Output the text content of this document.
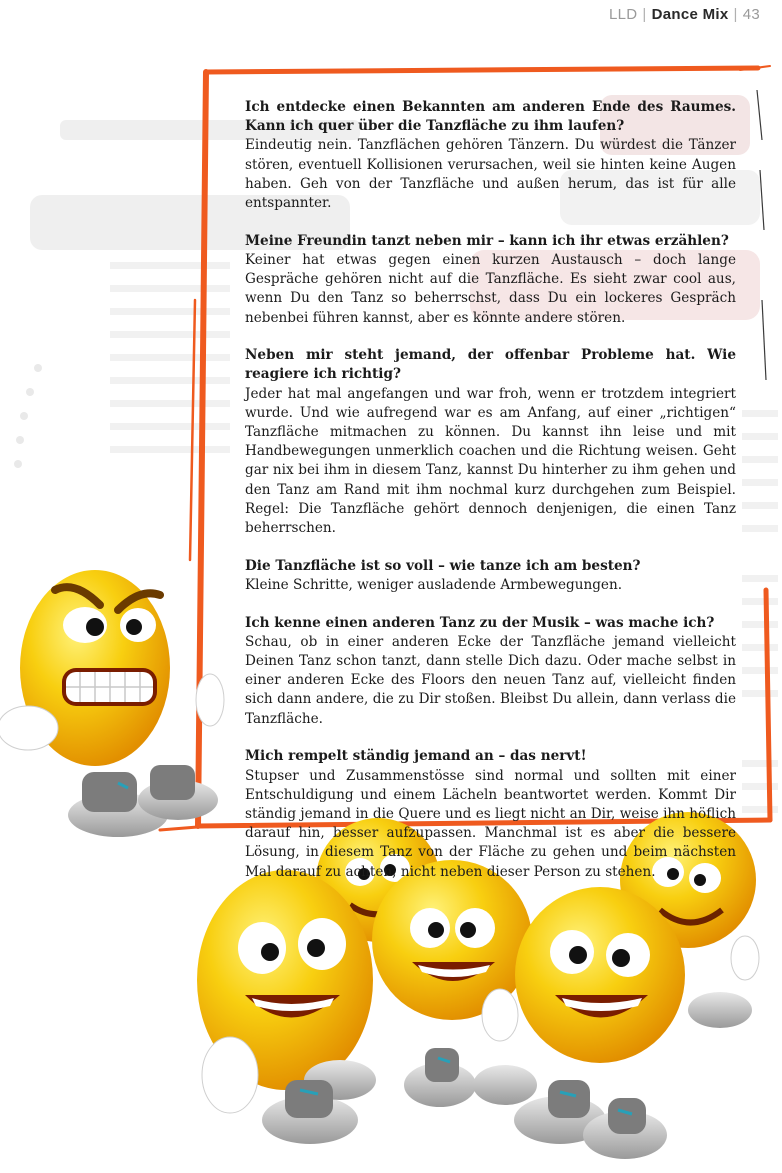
LLD | Dance Mix | 43

Ich entdecke einen Bekannten am anderen Ende des Raumes. Kann ich quer über die Tanzfläche zu ihm laufen?

Eindeutig nein. Tanzflächen gehören Tänzern. Du würdest die Tänzer stören, eventuell Kollisionen verursachen, weil sie hinten keine Augen haben. Geh von der Tanzfläche und außen herum, das ist für alle entspannter.

Meine Freundin tanzt neben mir – kann ich ihr etwas erzählen?

Keiner hat etwas gegen einen kurzen Austausch – doch lange Gespräche gehören nicht auf die Tanzfläche. Es sieht zwar cool aus, wenn Du den Tanz so beherrschst, dass Du ein lockeres Gespräch nebenbei führen kannst, aber es könnte andere stören.

Neben mir steht jemand, der offenbar Probleme hat. Wie reagiere ich richtig?

Jeder hat mal angefangen und war froh, wenn er trotzdem integriert wurde. Und wie aufregend war es am Anfang, auf einer „richtigen“ Tanzfläche mitmachen zu können. Du kannst ihn leise und mit Handbewegungen unmerklich coachen und die Richtung weisen. Geht gar nix bei ihm in diesem Tanz, kannst Du hinterher zu ihm gehen und den Tanz am Rand mit ihm nochmal kurz durchgehen zum Beispiel. Regel: Die Tanzfläche gehört dennoch denjenigen, die einen Tanz beherrschen.

Die Tanzfläche ist so voll – wie tanze ich am besten?

Kleine Schritte, weniger ausladende Armbewegungen.

Ich kenne einen anderen Tanz zu der Musik – was mache ich?

Schau, ob in einer anderen Ecke der Tanzfläche jemand vielleicht Deinen Tanz schon tanzt, dann stelle Dich dazu. Oder mache selbst in einer anderen Ecke des Floors den neuen Tanz auf, vielleicht finden sich dann andere, die zu Dir stoßen. Bleibst Du allein, dann verlass die Tanzfläche.

Mich rempelt ständig jemand an – das nervt!

Stupser und Zusammenstösse sind normal und sollten mit einer Entschuldigung und einem Lächeln beantwortet werden. Kommt Dir ständig jemand in die Quere und es liegt nicht an Dir, weise ihn höflich darauf hin, besser aufzupassen. Manchmal ist es aber die bessere Lösung, in diesem Tanz von der Fläche zu gehen und beim nächsten Mal darauf zu achten, nicht neben dieser Person zu stehen.
